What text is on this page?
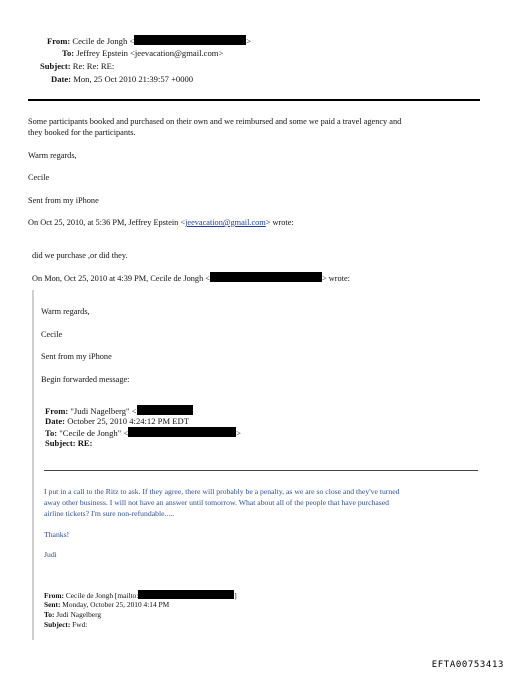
From: Cecile de Jongh <	>
To: Jeffrey Epstein <jeevacation@gmail.com>
Subject: Re: Re: RE:
Date: Mon, 25 Oct 2010 21:39:57 +0000
Some participants booked and purchased on their own and we reimbursed and some we paid a travel agency and
they booked for the participants.
Warm regards,
Cecile
Sent from my iPhone
On Oct 25, 2010, at 5:36 PM, Jeffrey Epstein <jeevacation@gmail.com> wrote:
did we purchase ,or did they.
On Mon, Oct 25, 2010 at 4:39 PM, Cecile de Jongh <	> wrote:
Warm regards,
Cecile
Sent from my iPhone
Begin forwarded message:
From: "Judi Nagelberg" <
Date: October 25, 2010 4:24:12 PM EDT
To: "Cecile de Jongh" <	>
Subject: RE:
I put in a call to the Ritz to ask. If they agree, there will probably be a penalty, as we are so close and they've turned
away other business. I will not have an answer until tomorrow. What about all of the people that have purchased
airline tickets? I'm sure non-refundable.....
Thanks!
Judi
From: Cecile de Jongh [mailto:	]
Sent: Monday, October 25, 2010 4:14 PM
To: Judi Nagelberg
Subject: Fwd:
EFTA00753413
